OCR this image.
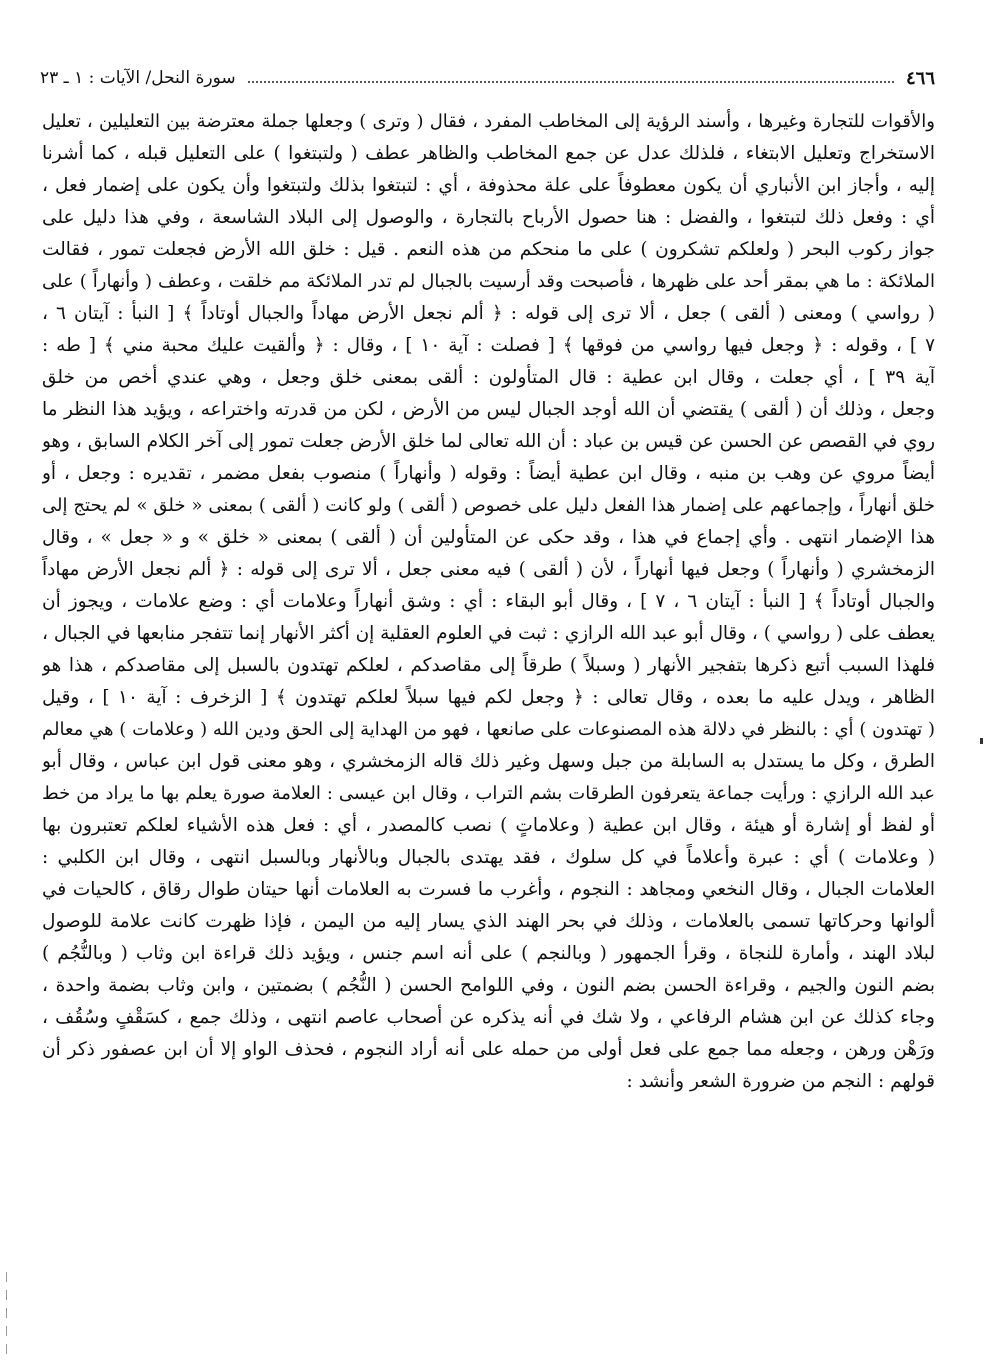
٤٦٦
سورة النحل/ الآيات : ١ ـ ٢٣
والأقوات للتجارة وغيرها ، وأسند الرؤية إلى المخاطب المفرد ، فقال ( وترى ) وجعلها جملة معترضة بين التعليلين ، تعليل
الاستخراج وتعليل الابتغاء ، فلذلك عدل عن جمع المخاطب والظاهر عطف ( ولتبتغوا ) على التعليل قبله ، كما أشرنا
إليه ، وأجاز ابن الأنباري أن يكون معطوفاً على علة محذوفة ، أي : لتبتغوا بذلك ولتبتغوا وأن يكون على إضمار فعل ،
أي : وفعل ذلك لتبتغوا ، والفضل : هنا حصول الأرباح بالتجارة ، والوصول إلى البلاد الشاسعة ، وفي هذا دليل على
جواز ركوب البحر ( ولعلكم تشكرون ) على ما منحكم من هذه النعم . قيل : خلق الله الأرض فجعلت تمور ، فقالت
الملائكة : ما هي بمقر أحد على ظهرها ، فأصبحت وقد أرسيت بالجبال لم تدر الملائكة مم خلقت ، وعطف ( وأنهاراً ) على
( رواسي ) ومعنى ( ألقى ) جعل ، ألا ترى إلى قوله : ﴿ ألم نجعل الأرض مهاداً والجبال أوتاداً ﴾ [ النبأ : آيتان ٦ ،
٧ ] ، وقوله : ﴿ وجعل فيها رواسي من فوقها ﴾ [ فصلت : آية ١٠ ] ، وقال : ﴿ وألقيت عليك محبة مني ﴾ [ طه :
آية ٣٩ ] ، أي جعلت ، وقال ابن عطية : قال المتأولون : ألقى بمعنى خلق وجعل ، وهي عندي أخص من خلق
وجعل ، وذلك أن ( ألقى ) يقتضي أن الله أوجد الجبال ليس من الأرض ، لكن من قدرته واختراعه ، ويؤيد هذا النظر ما
روي في القصص عن الحسن عن قيس بن عباد : أن الله تعالى لما خلق الأرض جعلت تمور إلى آخر الكلام السابق ، وهو
أيضاً مروي عن وهب بن منبه ، وقال ابن عطية أيضاً : وقوله ( وأنهاراً ) منصوب بفعل مضمر ، تقديره : وجعل ، أو
خلق أنهاراً ، وإجماعهم على إضمار هذا الفعل دليل على خصوص ( ألقى ) ولو كانت ( ألقى ) بمعنى « خلق » لم يحتج إلى
هذا الإضمار انتهى . وأي إجماع في هذا ، وقد حكى عن المتأولين أن ( ألقى ) بمعنى « خلق » و « جعل » ، وقال
الزمخشري ( وأنهاراً ) وجعل فيها أنهاراً ، لأن ( ألقى ) فيه معنى جعل ، ألا ترى إلى قوله : ﴿ ألم نجعل الأرض مهاداً
والجبال أوتاداً ﴾ [ النبأ : آيتان ٦ ، ٧ ] ، وقال أبو البقاء : أي : وشق أنهاراً وعلامات أي : وضع علامات ، ويجوز أن
يعطف على ( رواسي ) ، وقال أبو عبد الله الرازي : ثبت في العلوم العقلية إن أكثر الأنهار إنما تتفجر منابعها في الجبال ،
فلهذا السبب أتبع ذكرها بتفجير الأنهار ( وسبلاً ) طرقاً إلى مقاصدكم ، لعلكم تهتدون بالسبل إلى مقاصدكم ، هذا هو
الظاهر ، ويدل عليه ما بعده ، وقال تعالى : ﴿ وجعل لكم فيها سبلاً لعلكم تهتدون ﴾ [ الزخرف : آية ١٠ ] ، وقيل
( تهتدون ) أي : بالنظر في دلالة هذه المصنوعات على صانعها ، فهو من الهداية إلى الحق ودين الله ( وعلامات ) هي معالم
الطرق ، وكل ما يستدل به السابلة من جبل وسهل وغير ذلك قاله الزمخشري ، وهو معنى قول ابن عباس ، وقال أبو
عبد الله الرازي : ورأيت جماعة يتعرفون الطرقات بشم التراب ، وقال ابن عيسى : العلامة صورة يعلم بها ما يراد من خط
أو لفظ أو إشارة أو هيئة ، وقال ابن عطية ( وعلاماتٍ ) نصب كالمصدر ، أي : فعل هذه الأشياء لعلكم تعتبرون بها
( وعلامات ) أي : عبرة وأعلاماً في كل سلوك ، فقد يهتدى بالجبال وبالأنهار وبالسبل انتهى ، وقال ابن الكلبي :
العلامات الجبال ، وقال النخعي ومجاهد : النجوم ، وأغرب ما فسرت به العلامات أنها حيتان طوال رقاق ، كالحيات في
ألوانها وحركاتها تسمى بالعلامات ، وذلك في بحر الهند الذي يسار إليه من اليمن ، فإذا ظهرت كانت علامة للوصول
لبلاد الهند ، وأمارة للنجاة ، وقرأ الجمهور ( وبالنجم ) على أنه اسم جنس ، ويؤيد ذلك قراءة ابن وثاب ( وبالنُّجُم )
بضم النون والجيم ، وقراءة الحسن بضم النون ، وفي اللوامح الحسن ( النُّجُم ) بضمتين ، وابن وثاب بضمة واحدة ،
وجاء كذلك عن ابن هشام الرفاعي ، ولا شك في أنه يذكره عن أصحاب عاصم انتهى ، وذلك جمع ، كسَقْفٍ وسُقُف ،
ورَهْن ورهن ، وجعله مما جمع على فعل أولى من حمله على أنه أراد النجوم ، فحذف الواو إلا أن ابن عصفور ذكر أن
قولهم : النجم من ضرورة الشعر وأنشد :
